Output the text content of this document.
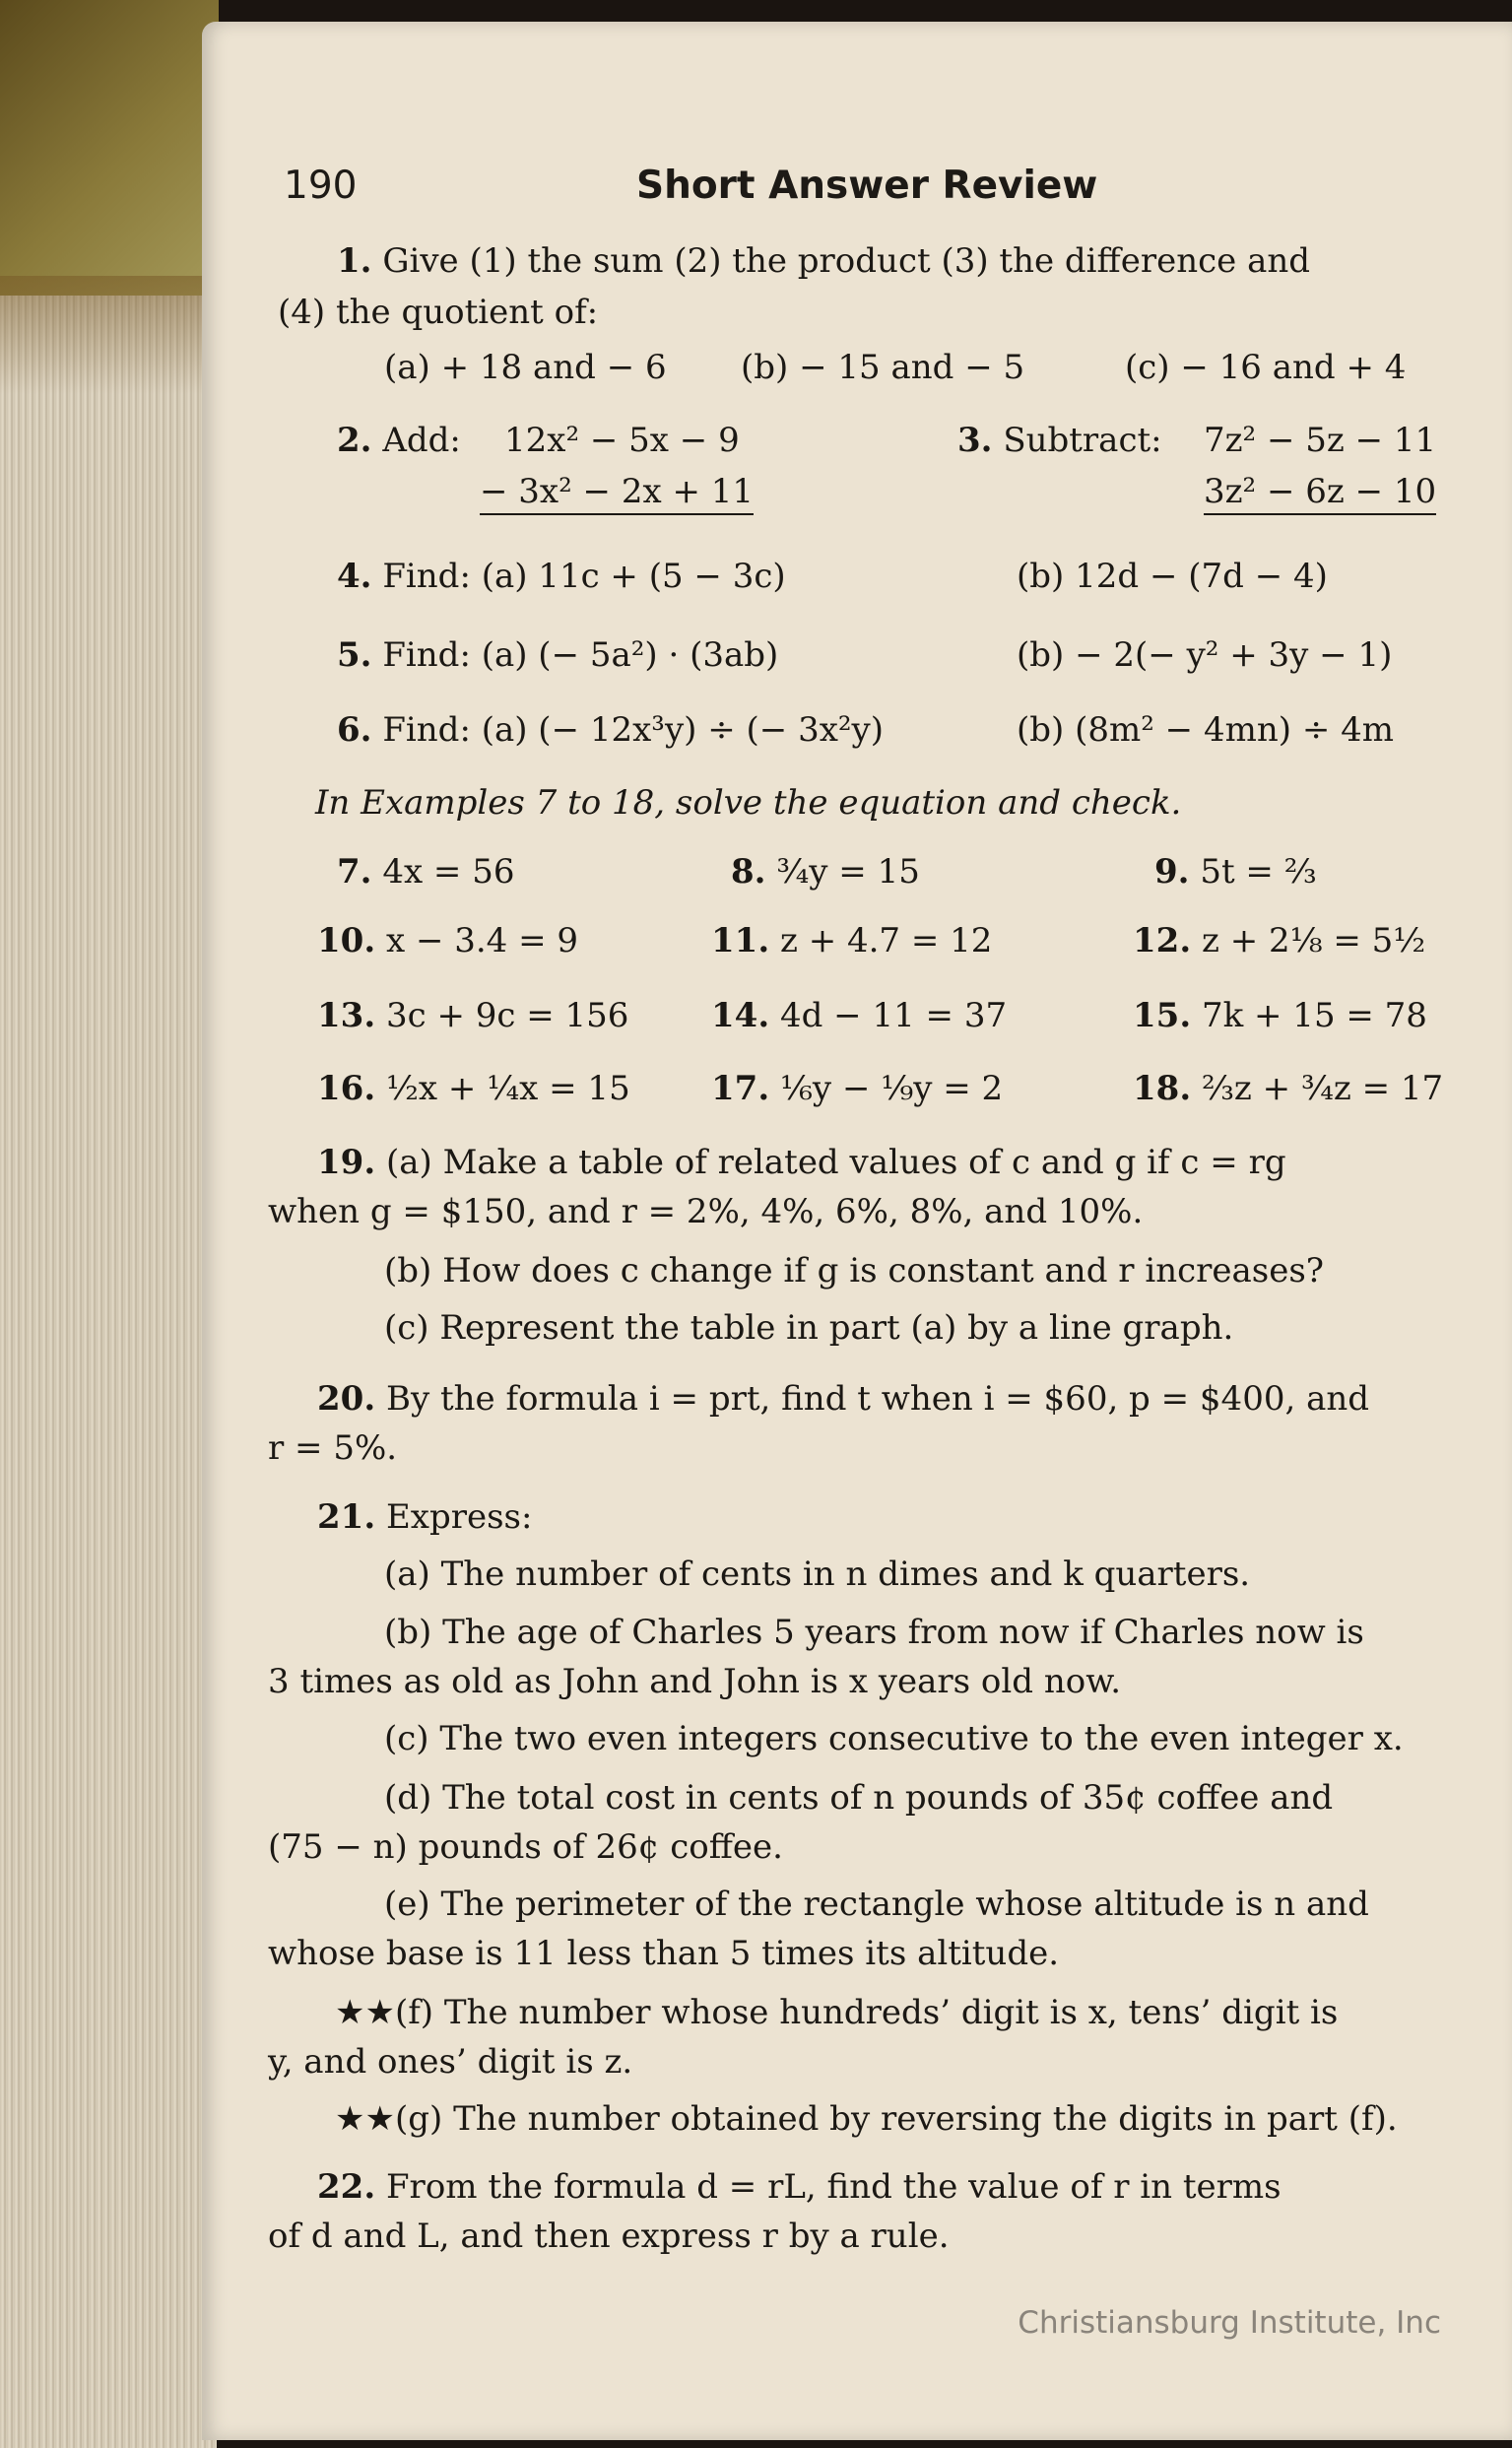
190	Short Answer Review
1. Give (1) the sum (2) the product (3) the difference and
(4) the quotient of:
(a) + 18 and − 6 (b) − 15 and − 5	(c) − 16 and + 4
2. Add: 12x² − 5x − 9
− 3x² − 2x + 11
3. Subtract: 7z² − 5z − 11
3z² − 6z − 10
4. Find: (a) 11c + (5 − 3c)	(b) 12d − (7d − 4)
5. Find: (a) (− 5a²) · (3ab)	(b) − 2(− y² + 3y − 1)
6. Find: (a) (− 12x³y) ÷ (− 3x²y)	(b) (8m² − 4mn) ÷ 4m
In Examples 7 to 18, solve the equation and check.
7. 4x = 56	8. ¾y = 15	9. 5t = ⅔
10. x − 3.4 = 9	11. z + 4.7 = 12	12. z + 2⅛ = 5½
13. 3c + 9c = 156 14. 4d − 11 = 37	15. 7k + 15 = 78
16. ½x + ¼x = 15 17. ⅙y − ⅑y = 2	18. ⅔z + ¾z = 17
19. (a) Make a table of related values of c and g if c = rg
when g = $150, and r = 2%, 4%, 6%, 8%, and 10%.
(b) How does c change if g is constant and r increases?
(c) Represent the table in part (a) by a line graph.
20. By the formula i = prt, find t when i = $60, p = $400, and
r = 5%.
21. Express:
(a) The number of cents in n dimes and k quarters.
(b) The age of Charles 5 years from now if Charles now is
3 times as old as John and John is x years old now.
(c) The two even integers consecutive to the even integer x.
(d) The total cost in cents of n pounds of 35¢ coffee and
(75 − n) pounds of 26¢ coffee.
(e) The perimeter of the rectangle whose altitude is n and
whose base is 11 less than 5 times its altitude.
★★(f) The number whose hundreds’ digit is x, tens’ digit is
y, and ones’ digit is z.
★★(g) The number obtained by reversing the digits in part (f).
22. From the formula d = rL, find the value of r in terms
of d and L, and then express r by a rule.
Christiansburg Institute, Inc
